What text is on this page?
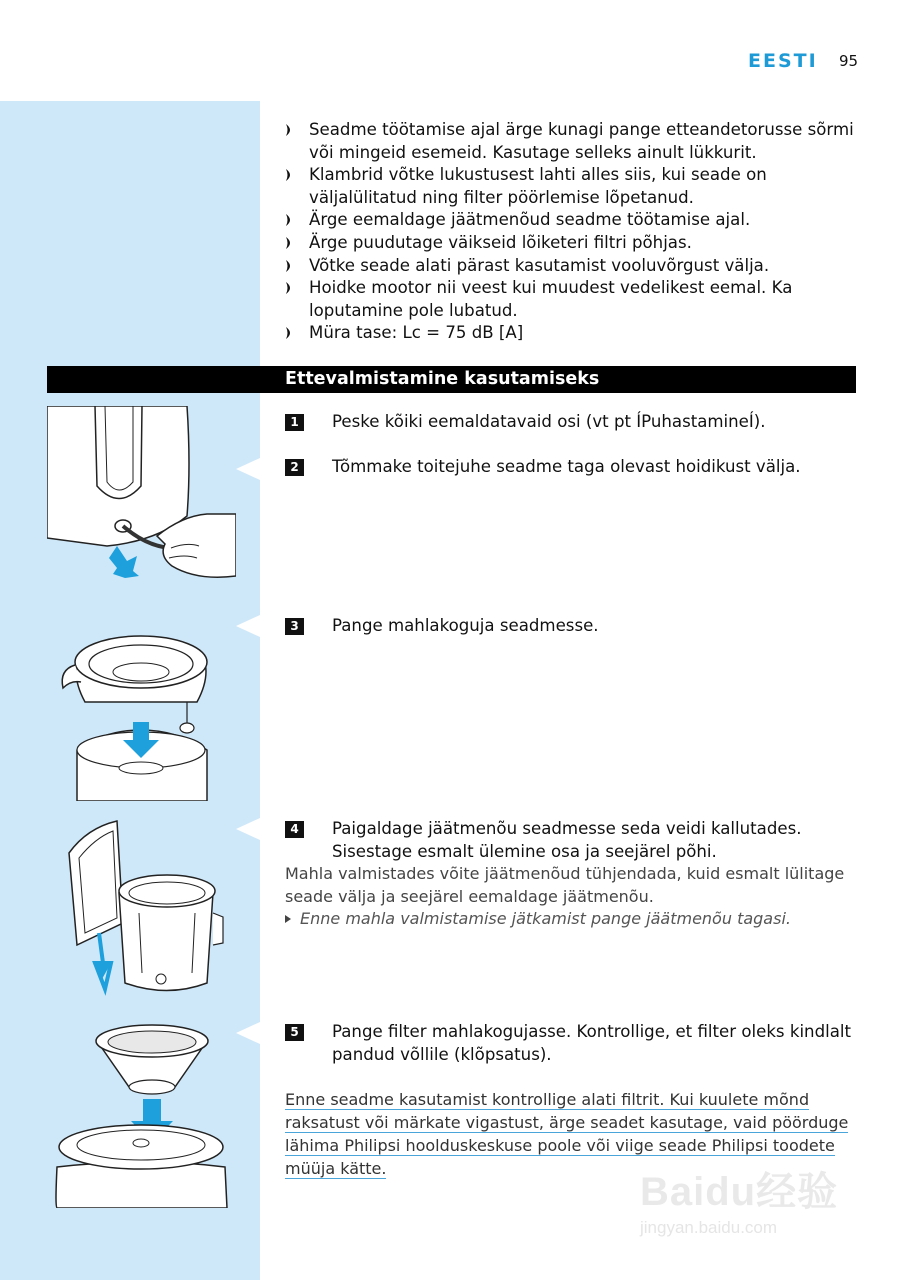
EESTI 95
Seadme töötamise ajal ärge kunagi pange etteandetorusse sõrmi või mingeid esemeid. Kasutage selleks ainult lükkurit.
Klambrid võtke lukustusest lahti alles siis, kui seade on väljalülitatud ning filter pöörlemise lõpetanud.
Ärge eemaldage jäätmenõud seadme töötamise ajal.
Ärge puudutage väikseid lõiketeri filtri põhjas.
Võtke seade alati pärast kasutamist vooluvõrgust välja.
Hoidke mootor nii veest kui muudest vedelikest eemal. Ka loputamine pole lubatud.
Müra tase: Lc = 75 dB [A]
Ettevalmistamine kasutamiseks
1	Peske kõiki eemaldatavaid osi (vt pt ÍPuhastamineÍ).
2	Tõmmake toitejuhe seadme taga olevast hoidikust välja.
3	Pange mahlakoguja seadmesse.
4	Paigaldage jäätmenõu seadmesse seda veidi kallutades. Sisestage esmalt ülemine osa ja seejärel põhi.
Mahla valmistades võite jäätmenõud tühjendada, kuid esmalt lülitage seade välja ja seejärel eemaldage jäätmenõu.
Enne mahla valmistamise jätkamist pange jäätmenõu tagasi.
5	Pange filter mahlakogujasse. Kontrollige, et filter oleks kindlalt pandud võllile (klõpsatus).
Enne seadme kasutamist kontrollige alati filtrit. Kui kuulete mõnd raksatust või märkate vigastust, ärge seadet kasutage, vaid pöörduge lähima Philipsi hoolduskeskuse poole või viige seade Philipsi toodete müüja kätte.
Baidu经验
jingyan.baidu.com
